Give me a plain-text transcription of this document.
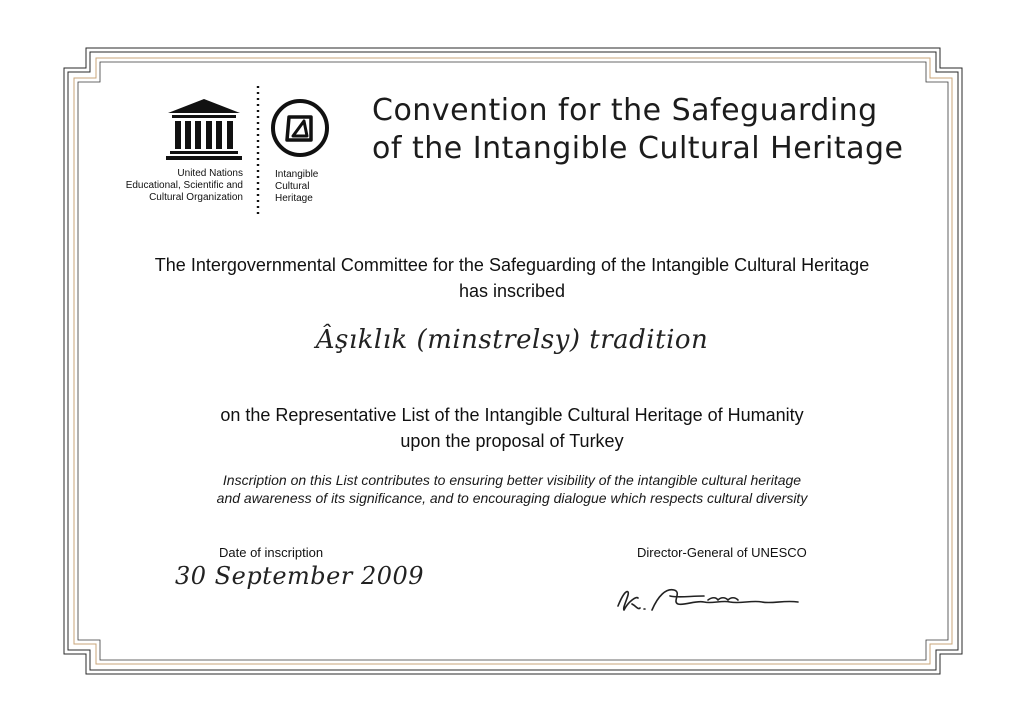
United Nations
Educational, Scientific and
Cultural Organization
Intangible
Cultural
Heritage
Convention for the Safeguarding
of the Intangible Cultural Heritage
The Intergovernmental Committee for the Safeguarding of the Intangible Cultural Heritage
has inscribed
Âşıklık (minstrelsy) tradition
on the Representative List of the Intangible Cultural Heritage of Humanity
upon the proposal of Turkey
Inscription on this List contributes to ensuring better visibility of the intangible cultural heritage
and awareness of its significance, and to encouraging dialogue which respects cultural diversity
Date of inscription
30 September 2009
Director-General of UNESCO
